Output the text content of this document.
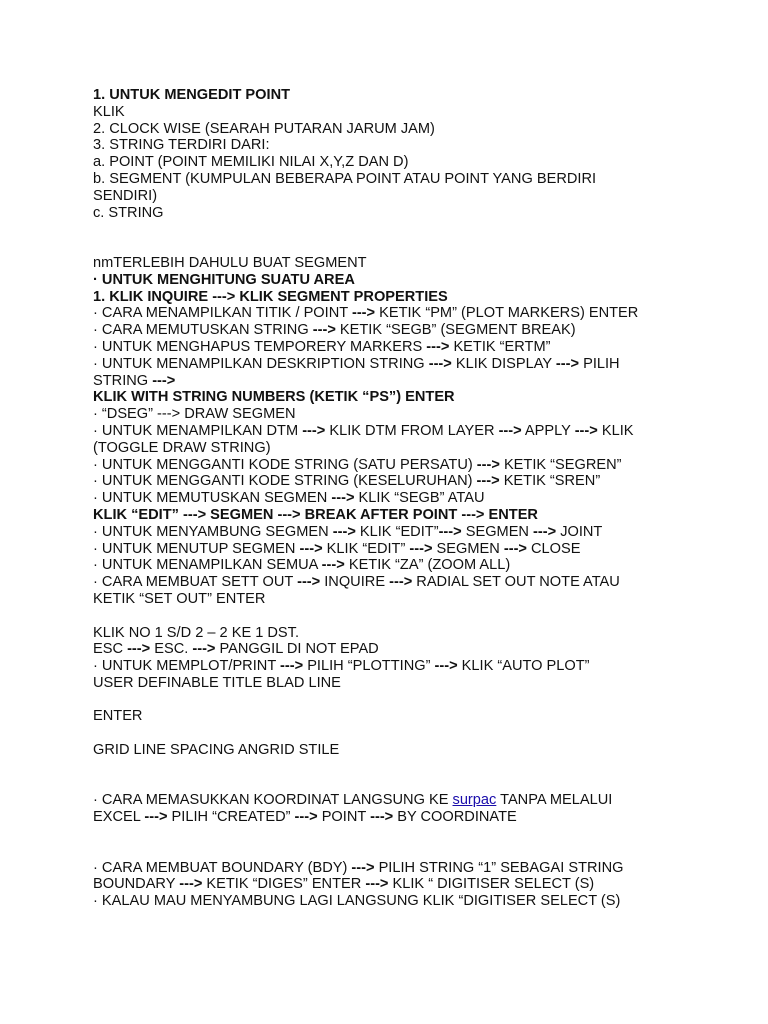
1. UNTUK MENGEDIT POINT
KLIK
2. CLOCK WISE (SEARAH PUTARAN JARUM JAM)
3. STRING TERDIRI DARI:
a. POINT (POINT MEMILIKI NILAI X,Y,Z DAN D)
b. SEGMENT (KUMPULAN BEBERAPA POINT ATAU POINT YANG BERDIRI
SENDIRI)
c. STRING
nmTERLEBIH DAHULU BUAT SEGMENT
· UNTUK MENGHITUNG SUATU AREA
1. KLIK INQUIRE ---> KLIK SEGMENT PROPERTIES
· CARA MENAMPILKAN TITIK / POINT ---> KETIK “PM” (PLOT MARKERS) ENTER
· CARA MEMUTUSKAN STRING ---> KETIK “SEGB” (SEGMENT BREAK)
· UNTUK MENGHAPUS TEMPORERY MARKERS ---> KETIK “ERTM”
· UNTUK MENAMPILKAN DESKRIPTION STRING ---> KLIK DISPLAY ---> PILIH
STRING --->
KLIK WITH STRING NUMBERS (KETIK “PS”) ENTER
· “DSEG” ---> DRAW SEGMEN
· UNTUK MENAMPILKAN DTM ---> KLIK DTM FROM LAYER ---> APPLY ---> KLIK
(TOGGLE DRAW STRING)
· UNTUK MENGGANTI KODE STRING (SATU PERSATU) ---> KETIK “SEGREN”
· UNTUK MENGGANTI KODE STRING (KESELURUHAN) ---> KETIK “SREN”
· UNTUK MEMUTUSKAN SEGMEN ---> KLIK “SEGB” ATAU
KLIK “EDIT” ---> SEGMEN ---> BREAK AFTER POINT ---> ENTER
· UNTUK MENYAMBUNG SEGMEN ---> KLIK “EDIT”---> SEGMEN ---> JOINT
· UNTUK MENUTUP SEGMEN ---> KLIK “EDIT” ---> SEGMEN ---> CLOSE
· UNTUK MENAMPILKAN SEMUA ---> KETIK “ZA” (ZOOM ALL)
· CARA MEMBUAT SETT OUT ---> INQUIRE ---> RADIAL SET OUT NOTE ATAU
KETIK “SET OUT” ENTER
KLIK NO 1 S/D 2 – 2 KE 1 DST.
ESC ---> ESC. ---> PANGGIL DI NOT EPAD
· UNTUK MEMPLOT/PRINT ---> PILIH “PLOTTING” ---> KLIK “AUTO PLOT”
USER DEFINABLE TITLE BLAD LINE
ENTER
GRID LINE SPACING ANGRID STILE
· CARA MEMASUKKAN KOORDINAT LANGSUNG KE surpac TANPA MELALUI
EXCEL ---> PILIH “CREATED” ---> POINT ---> BY COORDINATE
· CARA MEMBUAT BOUNDARY (BDY) ---> PILIH STRING “1” SEBAGAI STRING
BOUNDARY ---> KETIK “DIGES” ENTER ---> KLIK “ DIGITISER SELECT (S)
· KALAU MAU MENYAMBUNG LAGI LANGSUNG KLIK “DIGITISER SELECT (S)
